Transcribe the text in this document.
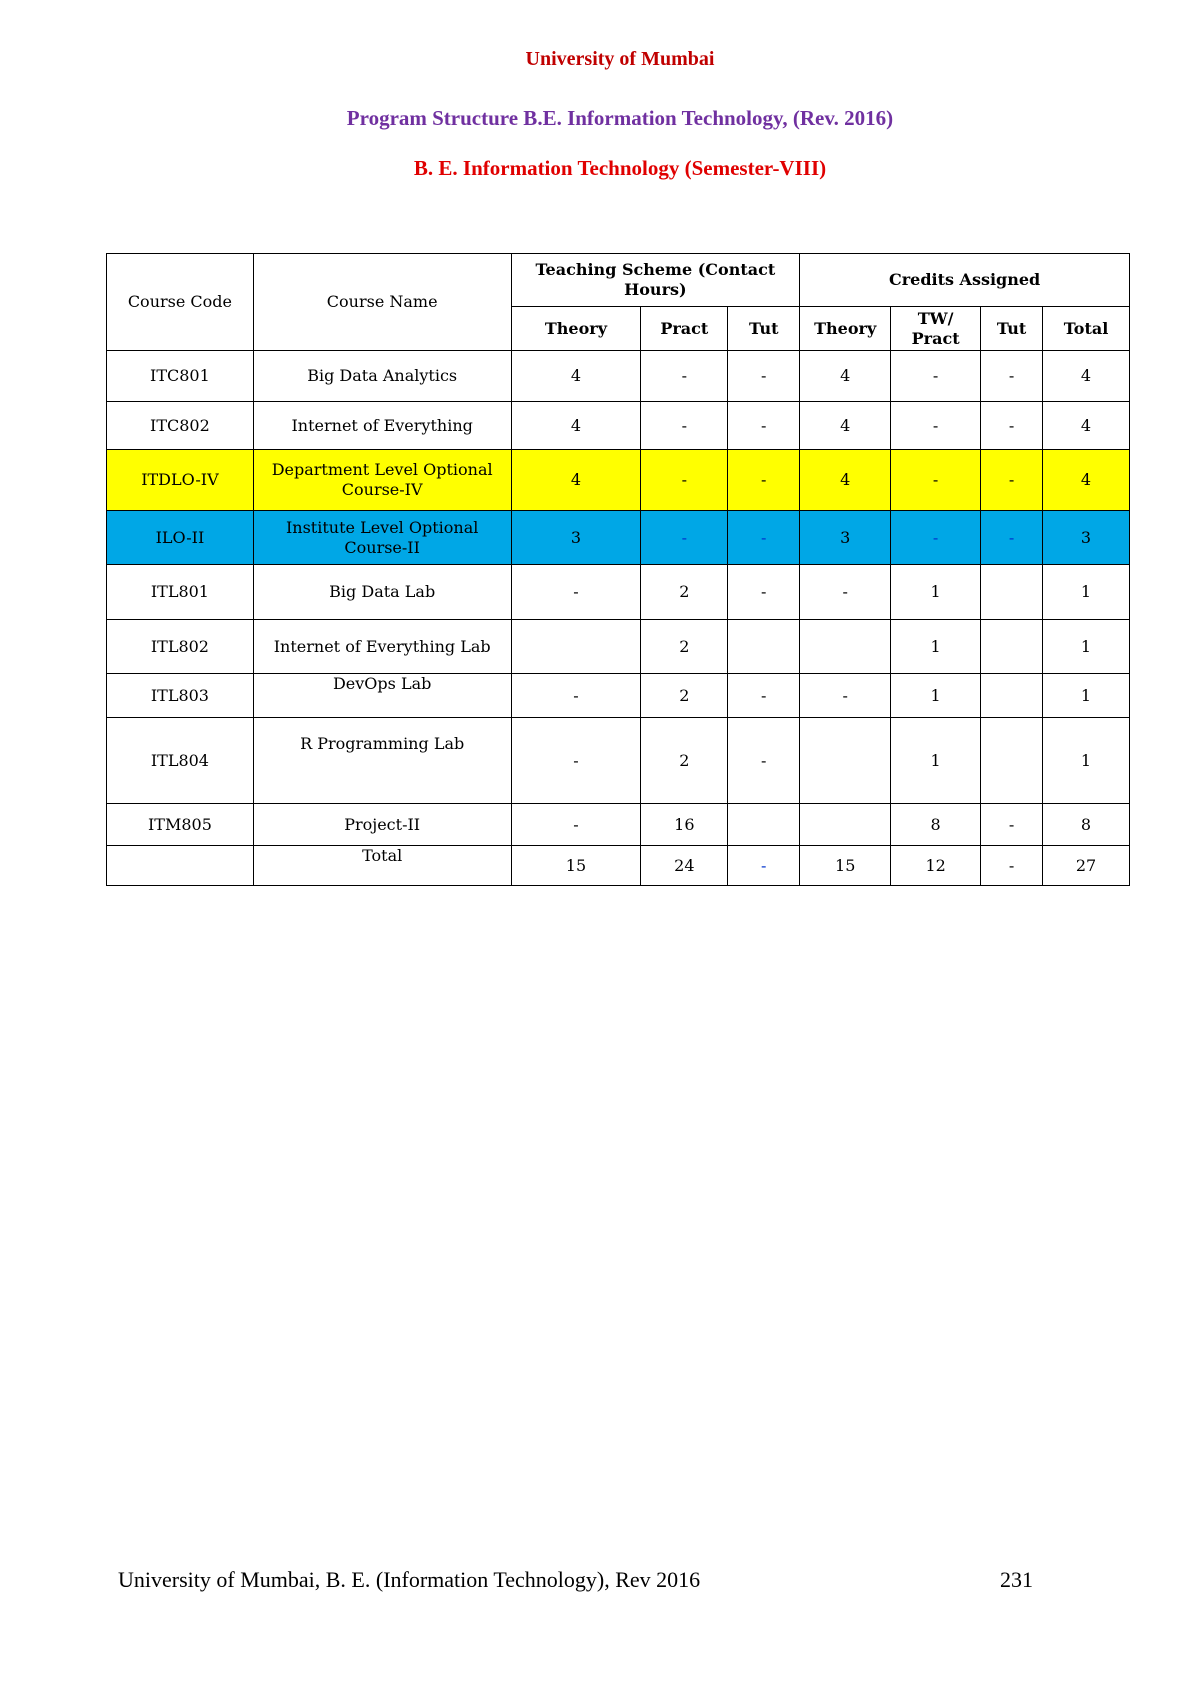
University of Mumbai
Program Structure B.E. Information Technology, (Rev. 2016)
B. E. Information Technology (Semester-VIII)
Course Code	Course Name	Teaching Scheme (Contact Hours)			Credits Assigned			
		Theory	Pract	Tut	Theory	TW/ Pract	Tut	Total
ITC801	Big Data Analytics	4	-	-	4	-	-	4
ITC802	Internet of Everything	4	-	-	4	-	-	4
ITDLO-IV	Department Level Optional Course-IV	4	-	-	4	-	-	4
ILO-II	Institute Level Optional Course-II	3	-	-	3	-	-	3
ITL801	Big Data Lab	-	2	-	-	1		1
ITL802	Internet of Everything Lab		2			1		1
ITL803	DevOps Lab	-	2	-	-	1		1
ITL804	R Programming Lab	-	2	-		1		1
ITM805	Project-II	-	16			8	-	8
	Total	15	24	-	15	12	-	27
University of Mumbai, B. E. (Information Technology), Rev 2016	231
